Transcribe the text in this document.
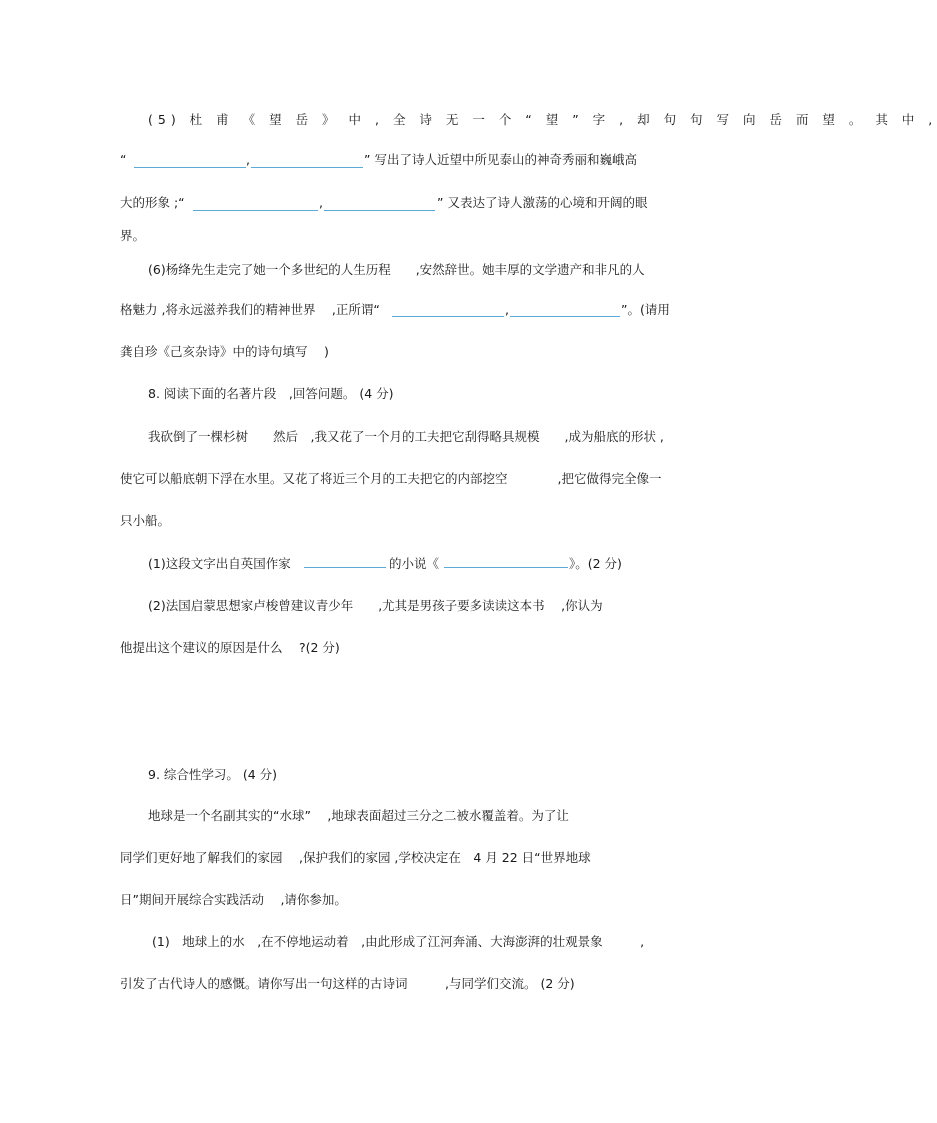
(5) 杜 甫 《 望 岳 》 中 , 全 诗 无 一 个 “ 望 ” 字 , 却 句 句 写 向 岳 而 望 。 其 中 ,
“	,	” 写出了诗人近望中所见泰山的神奇秀丽和巍峨高
大的形象 ;“	,	” 又表达了诗人激荡的心境和开阔的眼
界。
(6)杨绛先生走完了她一个多世纪的人生历程　　,安然辞世。她丰厚的文学遗产和非凡的人
格魅力 ,将永远滋养我们的精神世界　 ,正所谓“	,	”。(请用
龚自珍《己亥杂诗》中的诗句填写　 )
8. 阅读下面的名著片段　,回答问题。 (4 分)
我砍倒了一棵杉树　　然后　,我又花了一个月的工夫把它刮得略具规模　　,成为船底的形状 ,
使它可以船底朝下浮在水里。又花了将近三个月的工夫把它的内部挖空　　　　,把它做得完全像一
只小船。
(1)这段文字出自英国作家	的小说《	》。(2 分)
(2)法国启蒙思想家卢梭曾建议青少年　　,尤其是男孩子要多读读这本书　 ,你认为
他提出这个建议的原因是什么　 ?(2 分)
9. 综合性学习。 (4 分)
地球是一个名副其实的“水球”　 ,地球表面超过三分之二被水覆盖着。为了让
同学们更好地了解我们的家园　 ,保护我们的家园 ,学校决定在　4 月 22 日“世界地球
日”期间开展综合实践活动　 ,请你参加。
(1)　地球上的水　,在不停地运动着　,由此形成了江河奔涌、大海澎湃的壮观景象　　　,
引发了古代诗人的感慨。请你写出一句这样的古诗词　　　,与同学们交流。 (2 分)
